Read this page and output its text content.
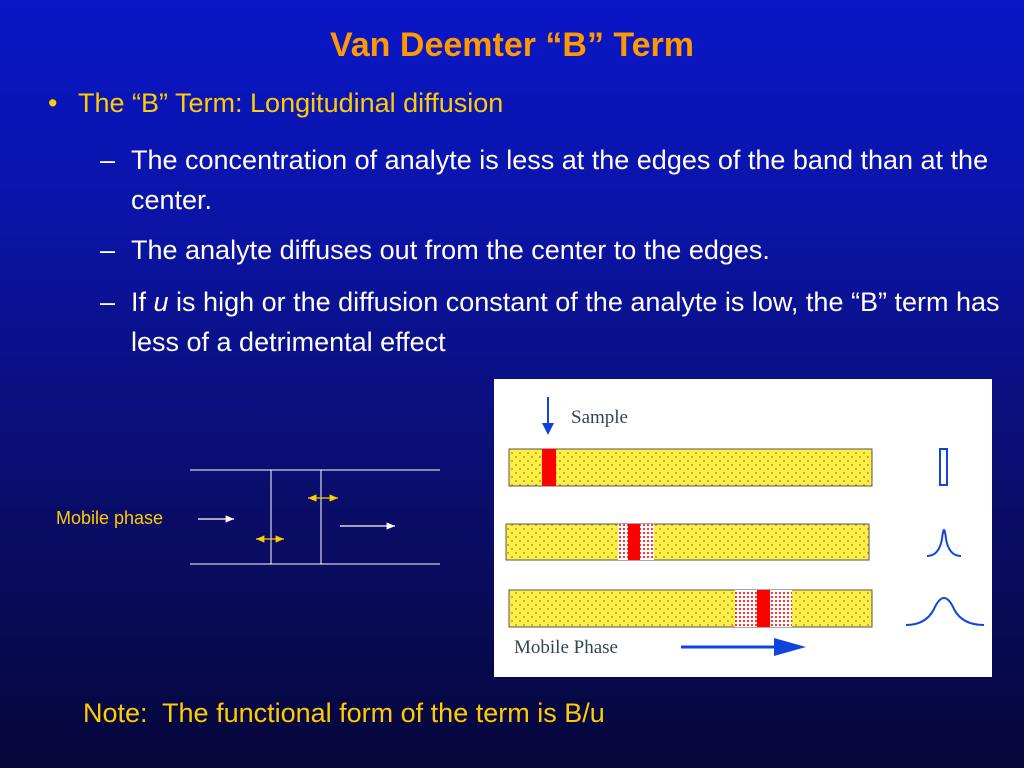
Van Deemter “B” Term
• The “B” Term: Longitudinal diffusion
– The concentration of analyte is less at the edges of the band than at the center.
– The analyte diffuses out from the center to the edges.
– If u is high or the diffusion constant of the analyte is low, the “B” term has less of a detrimental effect
Mobile phase
Sample
Mobile Phase
Note:  The functional form of the term is B/u
